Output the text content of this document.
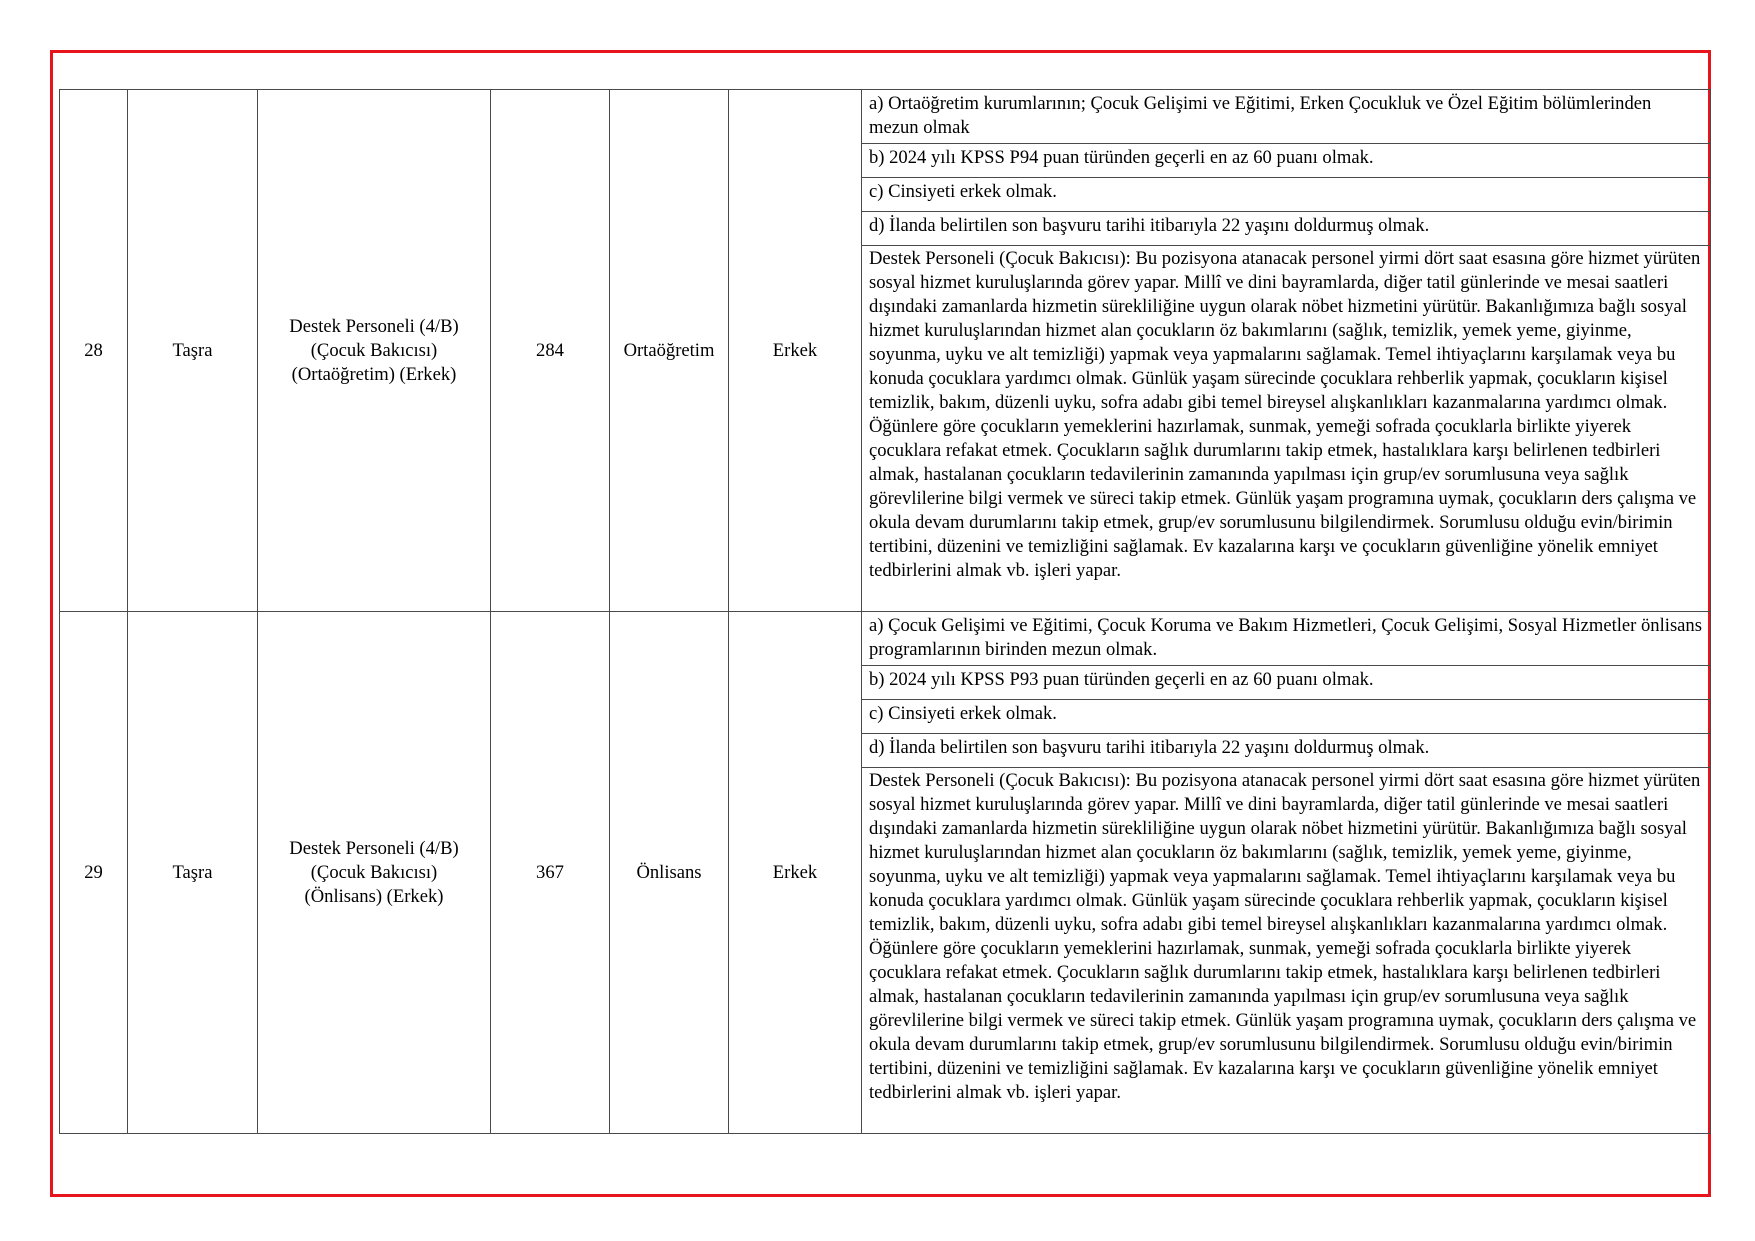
28	Taşra	Destek Personeli (4/B)
(Çocuk Bakıcısı)
(Ortaöğretim) (Erkek)	284	Ortaöğretim	Erkek	a) Ortaöğretim kurumlarının; Çocuk Gelişimi ve Eğitimi, Erken Çocukluk ve Özel Eğitim bölümlerinden mezun olmak
						b) 2024 yılı KPSS P94 puan türünden geçerli en az 60 puanı olmak.
						c) Cinsiyeti erkek olmak.
						d) İlanda belirtilen son başvuru tarihi itibarıyla 22 yaşını doldurmuş olmak.
						Destek Personeli (Çocuk Bakıcısı): Bu pozisyona atanacak personel yirmi dört saat esasına göre hizmet yürüten sosyal hizmet kuruluşlarında görev yapar. Millî ve dini bayramlarda, diğer tatil günlerinde ve mesai saatleri dışındaki zamanlarda hizmetin sürekliliğine uygun olarak nöbet hizmetini yürütür. Bakanlığımıza bağlı sosyal hizmet kuruluşlarından hizmet alan çocukların öz bakımlarını (sağlık, temizlik, yemek yeme, giyinme, soyunma, uyku ve alt temizliği) yapmak veya yapmalarını sağlamak. Temel ihtiyaçlarını karşılamak veya bu konuda çocuklara yardımcı olmak. Günlük yaşam sürecinde çocuklara rehberlik yapmak, çocukların kişisel temizlik, bakım, düzenli uyku, sofra adabı gibi temel bireysel alışkanlıkları kazanmalarına yardımcı olmak. Öğünlere göre çocukların yemeklerini hazırlamak, sunmak, yemeği sofrada çocuklarla birlikte yiyerek çocuklara refakat etmek. Çocukların sağlık durumlarını takip etmek, hastalıklara karşı belirlenen tedbirleri almak, hastalanan çocukların tedavilerinin zamanında yapılması için grup/ev sorumlusuna veya sağlık görevlilerine bilgi vermek ve süreci takip etmek. Günlük yaşam programına uymak, çocukların ders çalışma ve okula devam durumlarını takip etmek, grup/ev sorumlusunu bilgilendirmek. Sorumlusu olduğu evin/birimin tertibini, düzenini ve temizliğini sağlamak. Ev kazalarına karşı ve çocukların güvenliğine yönelik emniyet tedbirlerini almak vb. işleri yapar.
29	Taşra	Destek Personeli (4/B)
(Çocuk Bakıcısı)
(Önlisans) (Erkek)	367	Önlisans	Erkek	a) Çocuk Gelişimi ve Eğitimi, Çocuk Koruma ve Bakım Hizmetleri, Çocuk Gelişimi, Sosyal Hizmetler önlisans programlarının birinden mezun olmak.
						b) 2024 yılı KPSS P93 puan türünden geçerli en az 60 puanı olmak.
						c) Cinsiyeti erkek olmak.
						d) İlanda belirtilen son başvuru tarihi itibarıyla 22 yaşını doldurmuş olmak.
						Destek Personeli (Çocuk Bakıcısı): Bu pozisyona atanacak personel yirmi dört saat esasına göre hizmet yürüten sosyal hizmet kuruluşlarında görev yapar. Millî ve dini bayramlarda, diğer tatil günlerinde ve mesai saatleri dışındaki zamanlarda hizmetin sürekliliğine uygun olarak nöbet hizmetini yürütür. Bakanlığımıza bağlı sosyal hizmet kuruluşlarından hizmet alan çocukların öz bakımlarını (sağlık, temizlik, yemek yeme, giyinme, soyunma, uyku ve alt temizliği) yapmak veya yapmalarını sağlamak. Temel ihtiyaçlarını karşılamak veya bu konuda çocuklara yardımcı olmak. Günlük yaşam sürecinde çocuklara rehberlik yapmak, çocukların kişisel temizlik, bakım, düzenli uyku, sofra adabı gibi temel bireysel alışkanlıkları kazanmalarına yardımcı olmak. Öğünlere göre çocukların yemeklerini hazırlamak, sunmak, yemeği sofrada çocuklarla birlikte yiyerek çocuklara refakat etmek. Çocukların sağlık durumlarını takip etmek, hastalıklara karşı belirlenen tedbirleri almak, hastalanan çocukların tedavilerinin zamanında yapılması için grup/ev sorumlusuna veya sağlık görevlilerine bilgi vermek ve süreci takip etmek. Günlük yaşam programına uymak, çocukların ders çalışma ve okula devam durumlarını takip etmek, grup/ev sorumlusunu bilgilendirmek. Sorumlusu olduğu evin/birimin tertibini, düzenini ve temizliğini sağlamak. Ev kazalarına karşı ve çocukların güvenliğine yönelik emniyet tedbirlerini almak vb. işleri yapar.
